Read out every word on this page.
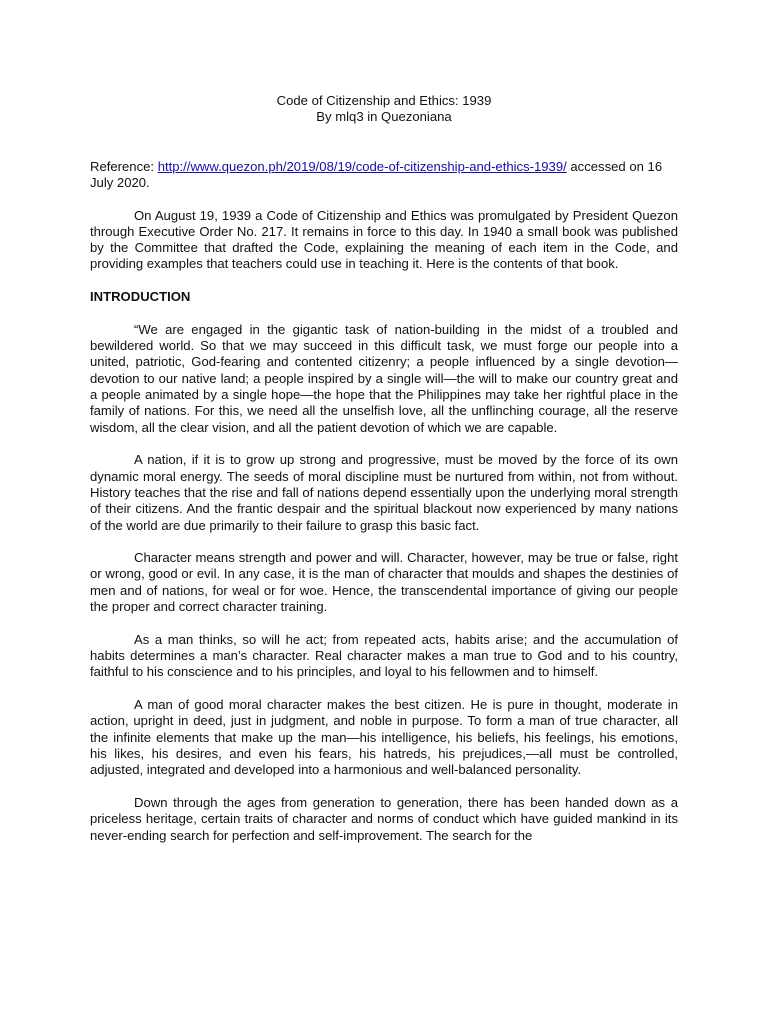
Code of Citizenship and Ethics: 1939
By mlq3 in Quezoniana
Reference: http://www.quezon.ph/2019/08/19/code-of-citizenship-and-ethics-1939/ accessed on 16 July 2020.

On August 19, 1939 a Code of Citizenship and Ethics was promulgated by President Quezon through Executive Order No. 217. It remains in force to this day. In 1940 a small book was published by the Committee that drafted the Code, explaining the meaning of each item in the Code, and providing examples that teachers could use in teaching it. Here is the contents of that book.

INTRODUCTION

“We are engaged in the gigantic task of nation-building in the midst of a troubled and bewildered world. So that we may succeed in this difficult task, we must forge our people into a united, patriotic, God-fearing and contented citizenry; a people influenced by a single devotion—devotion to our native land; a people inspired by a single will—the will to make our country great and a people animated by a single hope—the hope that the Philippines may take her rightful place in the family of nations. For this, we need all the unselfish love, all the unflinching courage, all the reserve wisdom, all the clear vision, and all the patient devotion of which we are capable.

A nation, if it is to grow up strong and progressive, must be moved by the force of its own dynamic moral energy. The seeds of moral discipline must be nurtured from within, not from without. History teaches that the rise and fall of nations depend essentially upon the underlying moral strength of their citizens. And the frantic despair and the spiritual blackout now experienced by many nations of the world are due primarily to their failure to grasp this basic fact.

Character means strength and power and will. Character, however, may be true or false, right or wrong, good or evil. In any case, it is the man of character that moulds and shapes the destinies of men and of nations, for weal or for woe. Hence, the transcendental importance of giving our people the proper and correct character training.

As a man thinks, so will he act; from repeated acts, habits arise; and the accumulation of habits determines a man’s character. Real character makes a man true to God and to his country, faithful to his conscience and to his principles, and loyal to his fellowmen and to himself.

A man of good moral character makes the best citizen. He is pure in thought, moderate in action, upright in deed, just in judgment, and noble in purpose. To form a man of true character, all the infinite elements that make up the man—his intelligence, his beliefs, his feelings, his emotions, his likes, his desires, and even his fears, his hatreds, his prejudices,—all must be controlled, adjusted, integrated and developed into a harmonious and well-balanced personality.

Down through the ages from generation to generation, there has been handed down as a priceless heritage, certain traits of character and norms of conduct which have guided mankind in its never-ending search for perfection and self-improvement. The search for the
